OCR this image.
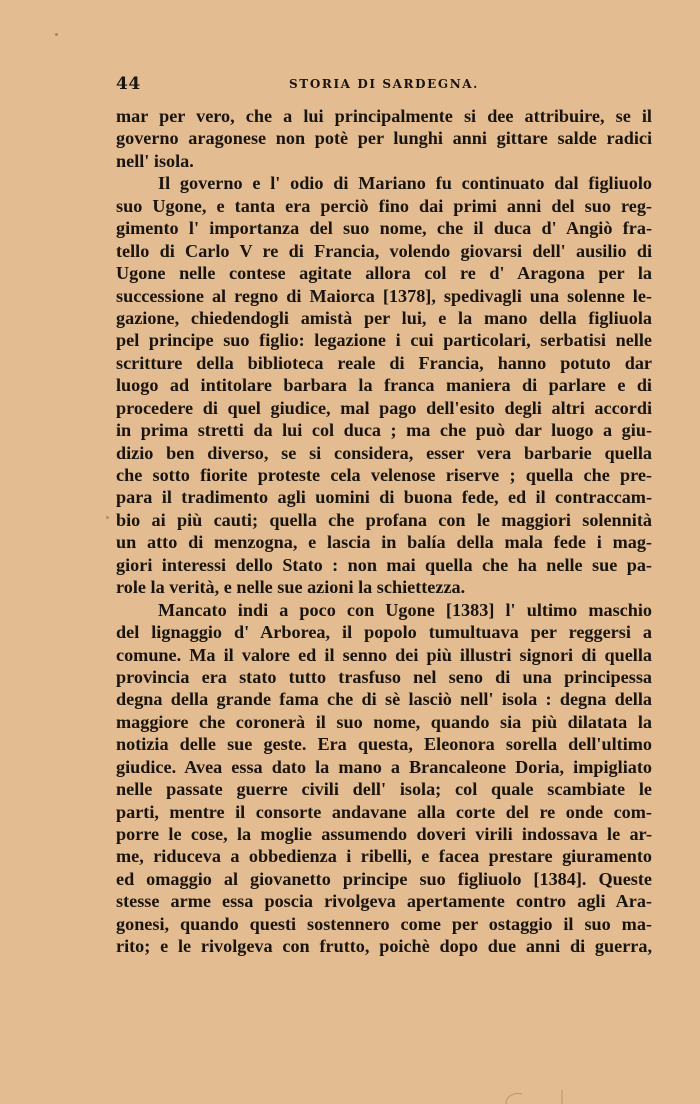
44	STORIA DI SARDEGNA.
mar per vero, che a lui principalmente si dee attribuire, se il
governo aragonese non potè per lunghi anni gittare salde radici
nell' isola.
Il governo e l' odio di Mariano fu continuato dal figliuolo
suo Ugone, e tanta era perciò fino dai primi anni del suo reg-
gimento l' importanza del suo nome, che il duca d' Angiò fra-
tello di Carlo V re di Francia, volendo giovarsi dell' ausilio di
Ugone nelle contese agitate allora col re d' Aragona per la
successione al regno di Maiorca [1378], spedivagli una solenne le-
gazione, chiedendogli amistà per lui, e la mano della figliuola
pel principe suo figlio: legazione i cui particolari, serbatisi nelle
scritture della biblioteca reale di Francia, hanno potuto dar
luogo ad intitolare barbara la franca maniera di parlare e di
procedere di quel giudice, mal pago dell'esito degli altri accordi
in prima stretti da lui col duca ; ma che può dar luogo a giu-
dizio ben diverso, se si considera, esser vera barbarie quella
che sotto fiorite proteste cela velenose riserve ; quella che pre-
para il tradimento agli uomini di buona fede, ed il contraccam-
bio ai più cauti; quella che profana con le maggiori solennità
un atto di menzogna, e lascia in balía della mala fede i mag-
giori interessi dello Stato : non mai quella che ha nelle sue pa-
role la verità, e nelle sue azioni la schiettezza.
Mancato indi a poco con Ugone [1383] l' ultimo maschio
del lignaggio d' Arborea, il popolo tumultuava per reggersi a
comune. Ma il valore ed il senno dei più illustri signori di quella
provincia era stato tutto trasfuso nel seno di una principessa
degna della grande fama che di sè lasciò nell' isola : degna della
maggiore che coronerà il suo nome, quando sia più dilatata la
notizia delle sue geste. Era questa, Eleonora sorella dell'ultimo
giudice. Avea essa dato la mano a Brancaleone Doria, impigliato
nelle passate guerre civili dell' isola; col quale scambiate le
parti, mentre il consorte andavane alla corte del re onde com-
porre le cose, la moglie assumendo doveri virili indossava le ar-
me, riduceva a obbedienza i ribelli, e facea prestare giuramento
ed omaggio al giovanetto principe suo figliuolo [1384]. Queste
stesse arme essa poscia rivolgeva apertamente contro agli Ara-
gonesi, quando questi sostennero come per ostaggio il suo ma-
rito; e le rivolgeva con frutto, poichè dopo due anni di guerra,
